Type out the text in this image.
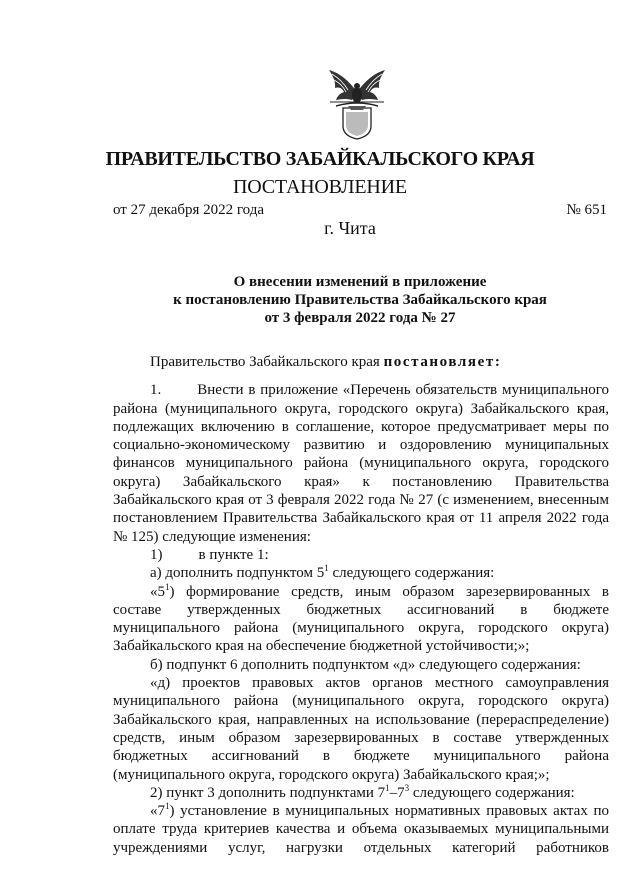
ПРАВИТЕЛЬСТВО ЗАБАЙКАЛЬСКОГО КРАЯ
ПОСТАНОВЛЕНИЕ
от 27 декабря 2022 года	№ 651
г. Чита
О внесении изменений в приложение
к постановлению Правительства Забайкальского края
от 3 февраля 2022 года № 27

Правительство Забайкальского края постановляет:

1. Внести в приложение «Перечень обязательств муниципального района (муниципального округа, городского округа) Забайкальского края, подлежащих включению в соглашение, которое предусматривает меры по социально-экономическому развитию и оздоровлению муниципальных финансов муниципального района (муниципального округа, городского округа) Забайкальского края» к постановлению Правительства Забайкальского края от 3 февраля 2022 года № 27 (с изменением, внесенным постановлением Правительства Забайкальского края от 11 апреля 2022 года № 125) следующие изменения:

1) в пункте 1:

а) дополнить подпунктом $5^1$ следующего содержания:

«$5^1$) формирование средств, иным образом зарезервированных в составе утвержденных бюджетных ассигнований в бюджете муниципального района (муниципального округа, городского округа) Забайкальского края на обеспечение бюджетной устойчивости;»;

б) подпункт 6 дополнить подпунктом «д» следующего содержания:

«д) проектов правовых актов органов местного самоуправления муниципального района (муниципального округа, городского округа) Забайкальского края, направленных на использование (перераспределение) средств, иным образом зарезервированных в составе утвержденных бюджетных ассигнований в бюджете муниципального района (муниципального округа, городского округа) Забайкальского края;»;

2) пункт 3 дополнить подпунктами $7^1-7^3$ следующего содержания:

«$7^1$) установление в муниципальных нормативных правовых актах по оплате труда критериев качества и объема оказываемых муниципальными учреждениями услуг, нагрузки отдельных категорий работников
